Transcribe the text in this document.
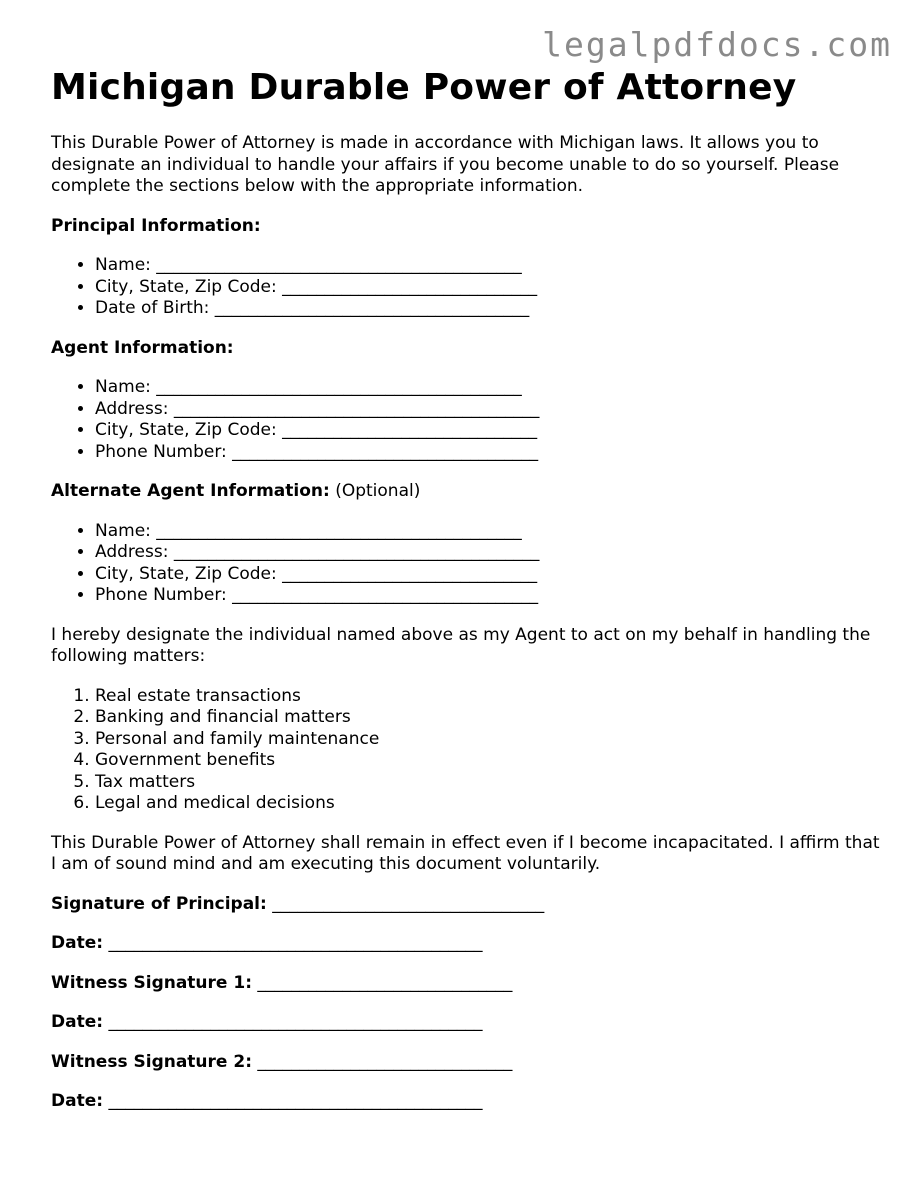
legalpdfdocs.com
Michigan Durable Power of Attorney

This Durable Power of Attorney is made in accordance with Michigan laws. It allows you to designate an individual to handle your affairs if you become unable to do so yourself. Please complete the sections below with the appropriate information.

Principal Information:

• Name: ___________________________________________
• City, State, Zip Code: ______________________________
• Date of Birth: _____________________________________

Agent Information:

• Name: ___________________________________________
• Address: ___________________________________________
• City, State, Zip Code: ______________________________
• Phone Number: ____________________________________

Alternate Agent Information: (Optional)

• Name: ___________________________________________
• Address: ___________________________________________
• City, State, Zip Code: ______________________________
• Phone Number: ____________________________________

I hereby designate the individual named above as my Agent to act on my behalf in handling the following matters:

1. Real estate transactions
2. Banking and financial matters
3. Personal and family maintenance
4. Government benefits
5. Tax matters
6. Legal and medical decisions

This Durable Power of Attorney shall remain in effect even if I become incapacitated. I affirm that I am of sound mind and am executing this document voluntarily.

Signature of Principal: ________________________________

Date: ____________________________________________

Witness Signature 1: ______________________________

Date: ____________________________________________

Witness Signature 2: ______________________________

Date: ____________________________________________
